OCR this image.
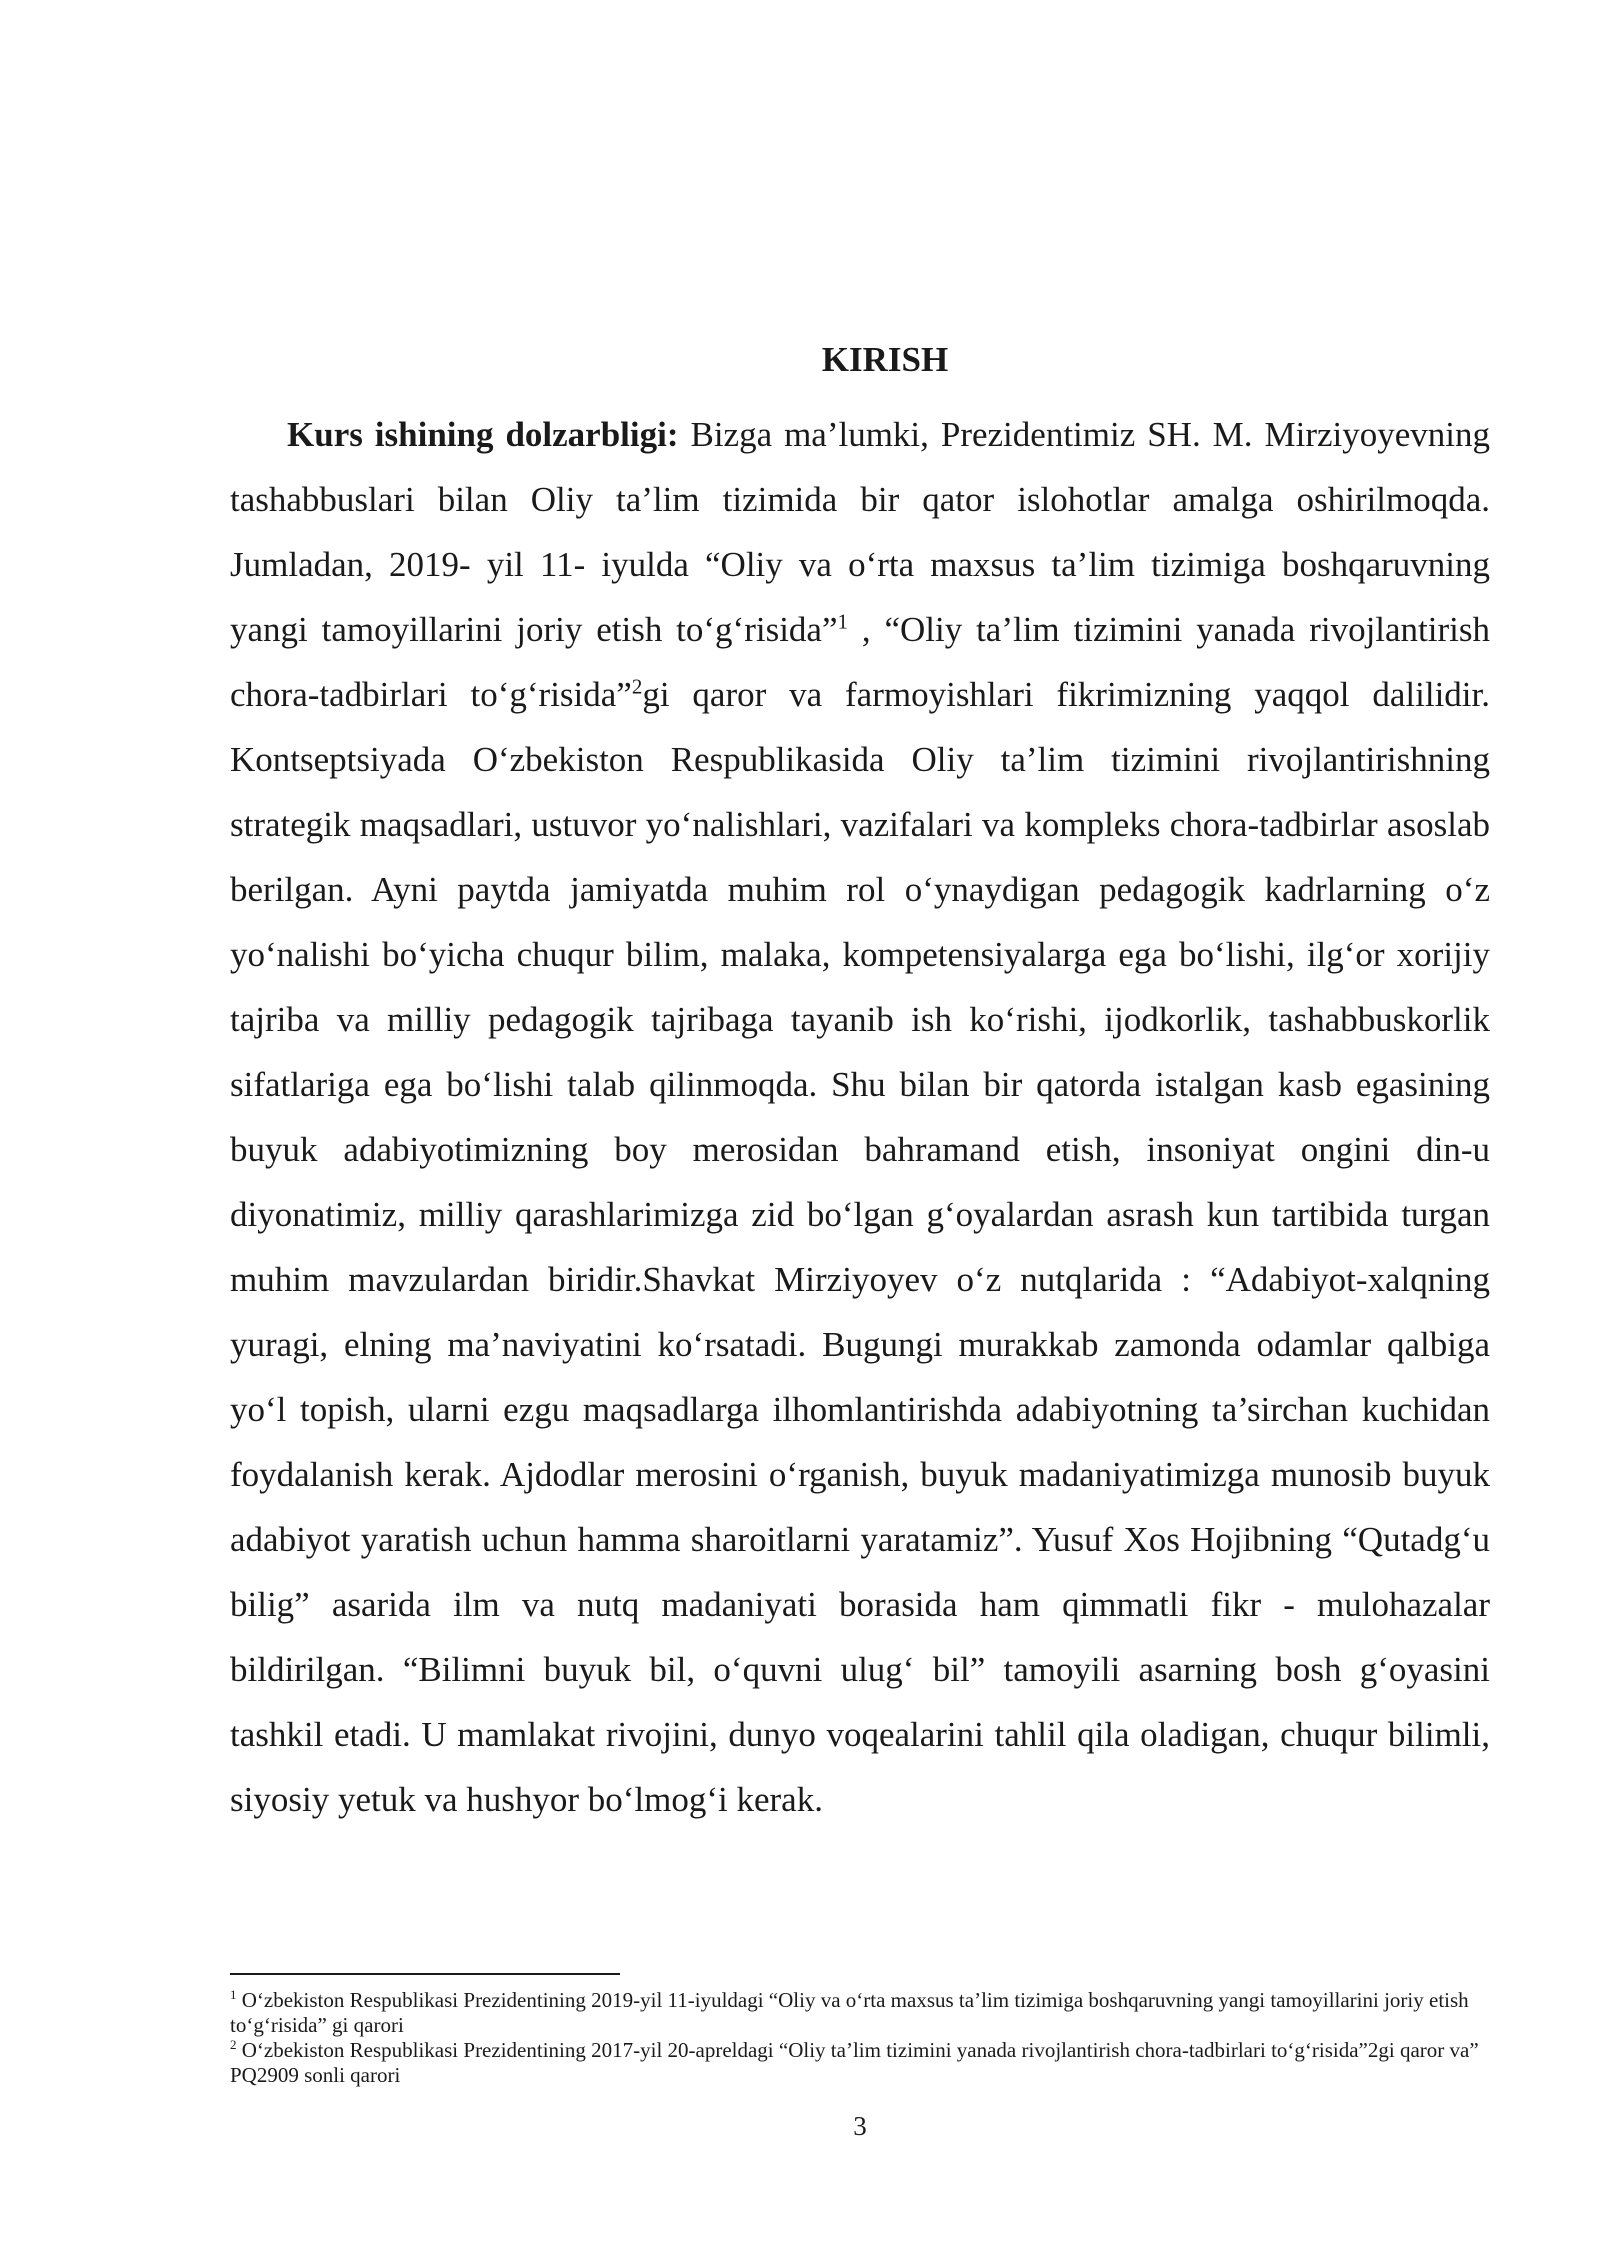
KIRISH

Kurs ishining dolzarbligi: Bizga ma’lumki, Prezidentimiz SH. M. Mirziyoyevning tashabbuslari bilan Oliy ta’lim tizimida bir qator islohotlar amalga oshirilmoqda. Jumladan, 2019- yil 11- iyulda “Oliy va o‘rta maxsus ta’lim tizimiga boshqaruvning yangi tamoyillarini joriy etish to‘g‘risida”$^1$ , “Oliy ta’lim tizimini yanada rivojlantirish chora-tadbirlari to‘g‘risida”$^2$gi qaror va farmoyishlari fikrimizning yaqqol dalilidir. Kontseptsiyada O‘zbekiston Respublikasida Oliy ta’lim tizimini rivojlantirishning strategik maqsadlari, ustuvor yo‘nalishlari, vazifalari va kompleks chora-tadbirlar asoslab berilgan. Ayni paytda jamiyatda muhim rol o‘ynaydigan pedagogik kadrlarning o‘z yo‘nalishi bo‘yicha chuqur bilim, malaka, kompetensiyalarga ega bo‘lishi, ilg‘or xorijiy tajriba va milliy pedagogik tajribaga tayanib ish ko‘rishi, ijodkorlik, tashabbuskorlik sifatlariga ega bo‘lishi talab qilinmoqda. Shu bilan bir qatorda istalgan kasb egasining buyuk adabiyotimizning boy merosidan bahramand etish, insoniyat ongini din-u diyonatimiz, milliy qarashlarimizga zid bo‘lgan g‘oyalardan asrash kun tartibida turgan muhim mavzulardan biridir.Shavkat Mirziyoyev o‘z nutqlarida : “Adabiyot-xalqning yuragi, elning ma’naviyatini ko‘rsatadi. Bugungi murakkab zamonda odamlar qalbiga yo‘l topish, ularni ezgu maqsadlarga ilhomlantirishda adabiyotning ta’sirchan kuchidan foydalanish kerak. Ajdodlar merosini o‘rganish, buyuk madaniyatimizga munosib buyuk adabiyot yaratish uchun hamma sharoitlarni yaratamiz”. Yusuf Xos Hojibning “Qutadg‘u bilig” asarida ilm va nutq madaniyati borasida ham qimmatli fikr - mulohazalar bildirilgan. “Bilimni buyuk bil, o‘quvni ulug‘ bil” tamoyili asarning bosh g‘oyasini tashkil etadi. U mamlakat rivojini, dunyo voqealarini tahlil qila oladigan, chuqur bilimli, siyosiy yetuk va hushyor bo‘lmog‘i kerak.

$^1$ O‘zbekiston Respublikasi Prezidentining 2019-yil 11-iyuldagi “Oliy va o‘rta maxsus ta’lim tizimiga boshqaruvning yangi tamoyillarini joriy etish to‘g‘risida” gi qarori

$^2$ O‘zbekiston Respublikasi Prezidentining 2017-yil 20-apreldagi “Oliy ta’lim tizimini yanada rivojlantirish chora-tadbirlari to‘g‘risida”2gi qaror va” PQ2909 sonli qarori

3
